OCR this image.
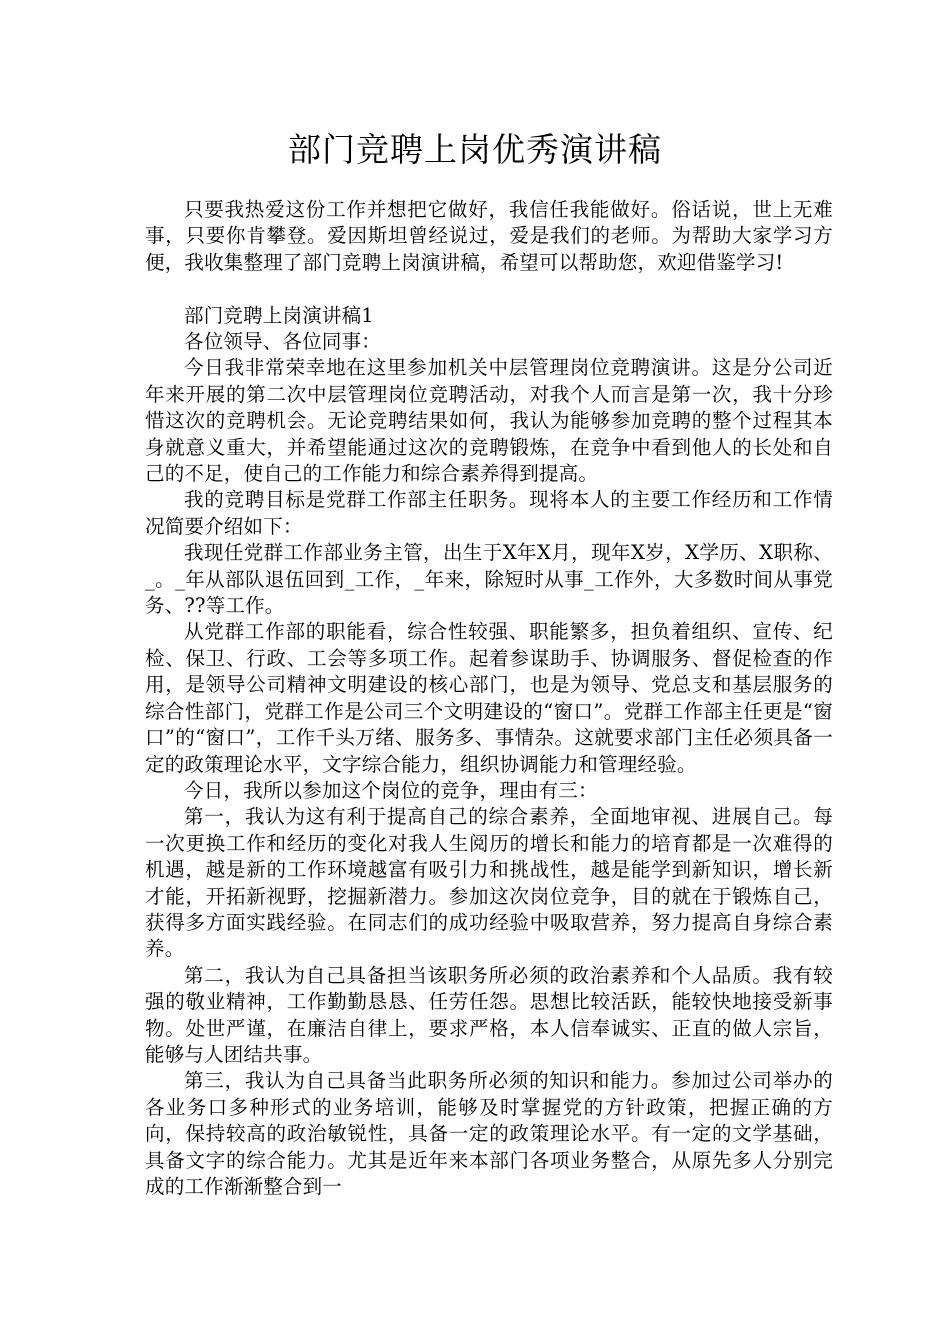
部门竞聘上岗优秀演讲稿

只要我热爱这份工作并想把它做好，我信任我能做好。俗话说，世上无难事，只要你肯攀登。爱因斯坦曾经说过，爱是我们的老师。为帮助大家学习方便，我收集整理了部门竞聘上岗演讲稿，希望可以帮助您，欢迎借鉴学习!

部门竞聘上岗演讲稿1

各位领导、各位同事：

今日我非常荣幸地在这里参加机关中层管理岗位竞聘演讲。这是分公司近年来开展的第二次中层管理岗位竞聘活动，对我个人而言是第一次，我十分珍惜这次的竞聘机会。无论竞聘结果如何，我认为能够参加竞聘的整个过程其本身就意义重大，并希望能通过这次的竞聘锻炼，在竞争中看到他人的长处和自己的不足，使自己的工作能力和综合素养得到提高。

我的竞聘目标是党群工作部主任职务。现将本人的主要工作经历和工作情况简要介绍如下：

我现任党群工作部业务主管，出生于X年X月，现年X岁，X学历、X职称、_。_年从部队退伍回到_工作，_年来，除短时从事_工作外，大多数时间从事党务、??等工作。

从党群工作部的职能看，综合性较强、职能繁多，担负着组织、宣传、纪检、保卫、行政、工会等多项工作。起着参谋助手、协调服务、督促检查的作用，是领导公司精神文明建设的核心部门，也是为领导、党总支和基层服务的综合性部门，党群工作是公司三个文明建设的“窗口”。党群工作部主任更是“窗口”的“窗口”，工作千头万绪、服务多、事情杂。这就要求部门主任必须具备一定的政策理论水平，文字综合能力，组织协调能力和管理经验。

今日，我所以参加这个岗位的竞争，理由有三：

第一，我认为这有利于提高自己的综合素养，全面地审视、进展自己。每一次更换工作和经历的变化对我人生阅历的增长和能力的培育都是一次难得的机遇，越是新的工作环境越富有吸引力和挑战性，越是能学到新知识，增长新才能，开拓新视野，挖掘新潜力。参加这次岗位竞争，目的就在于锻炼自己，获得多方面实践经验。在同志们的成功经验中吸取营养，努力提高自身综合素养。

第二，我认为自己具备担当该职务所必须的政治素养和个人品质。我有较强的敬业精神，工作勤勤恳恳、任劳任怨。思想比较活跃，能较快地接受新事物。处世严谨，在廉洁自律上，要求严格，本人信奉诚实、正直的做人宗旨，能够与人团结共事。

第三，我认为自己具备当此职务所必须的知识和能力。参加过公司举办的各业务口多种形式的业务培训，能够及时掌握党的方针政策，把握正确的方向，保持较高的政治敏锐性，具备一定的政策理论水平。有一定的文学基础，具备文字的综合能力。尤其是近年来本部门各项业务整合，从原先多人分别完成的工作渐渐整合到一
